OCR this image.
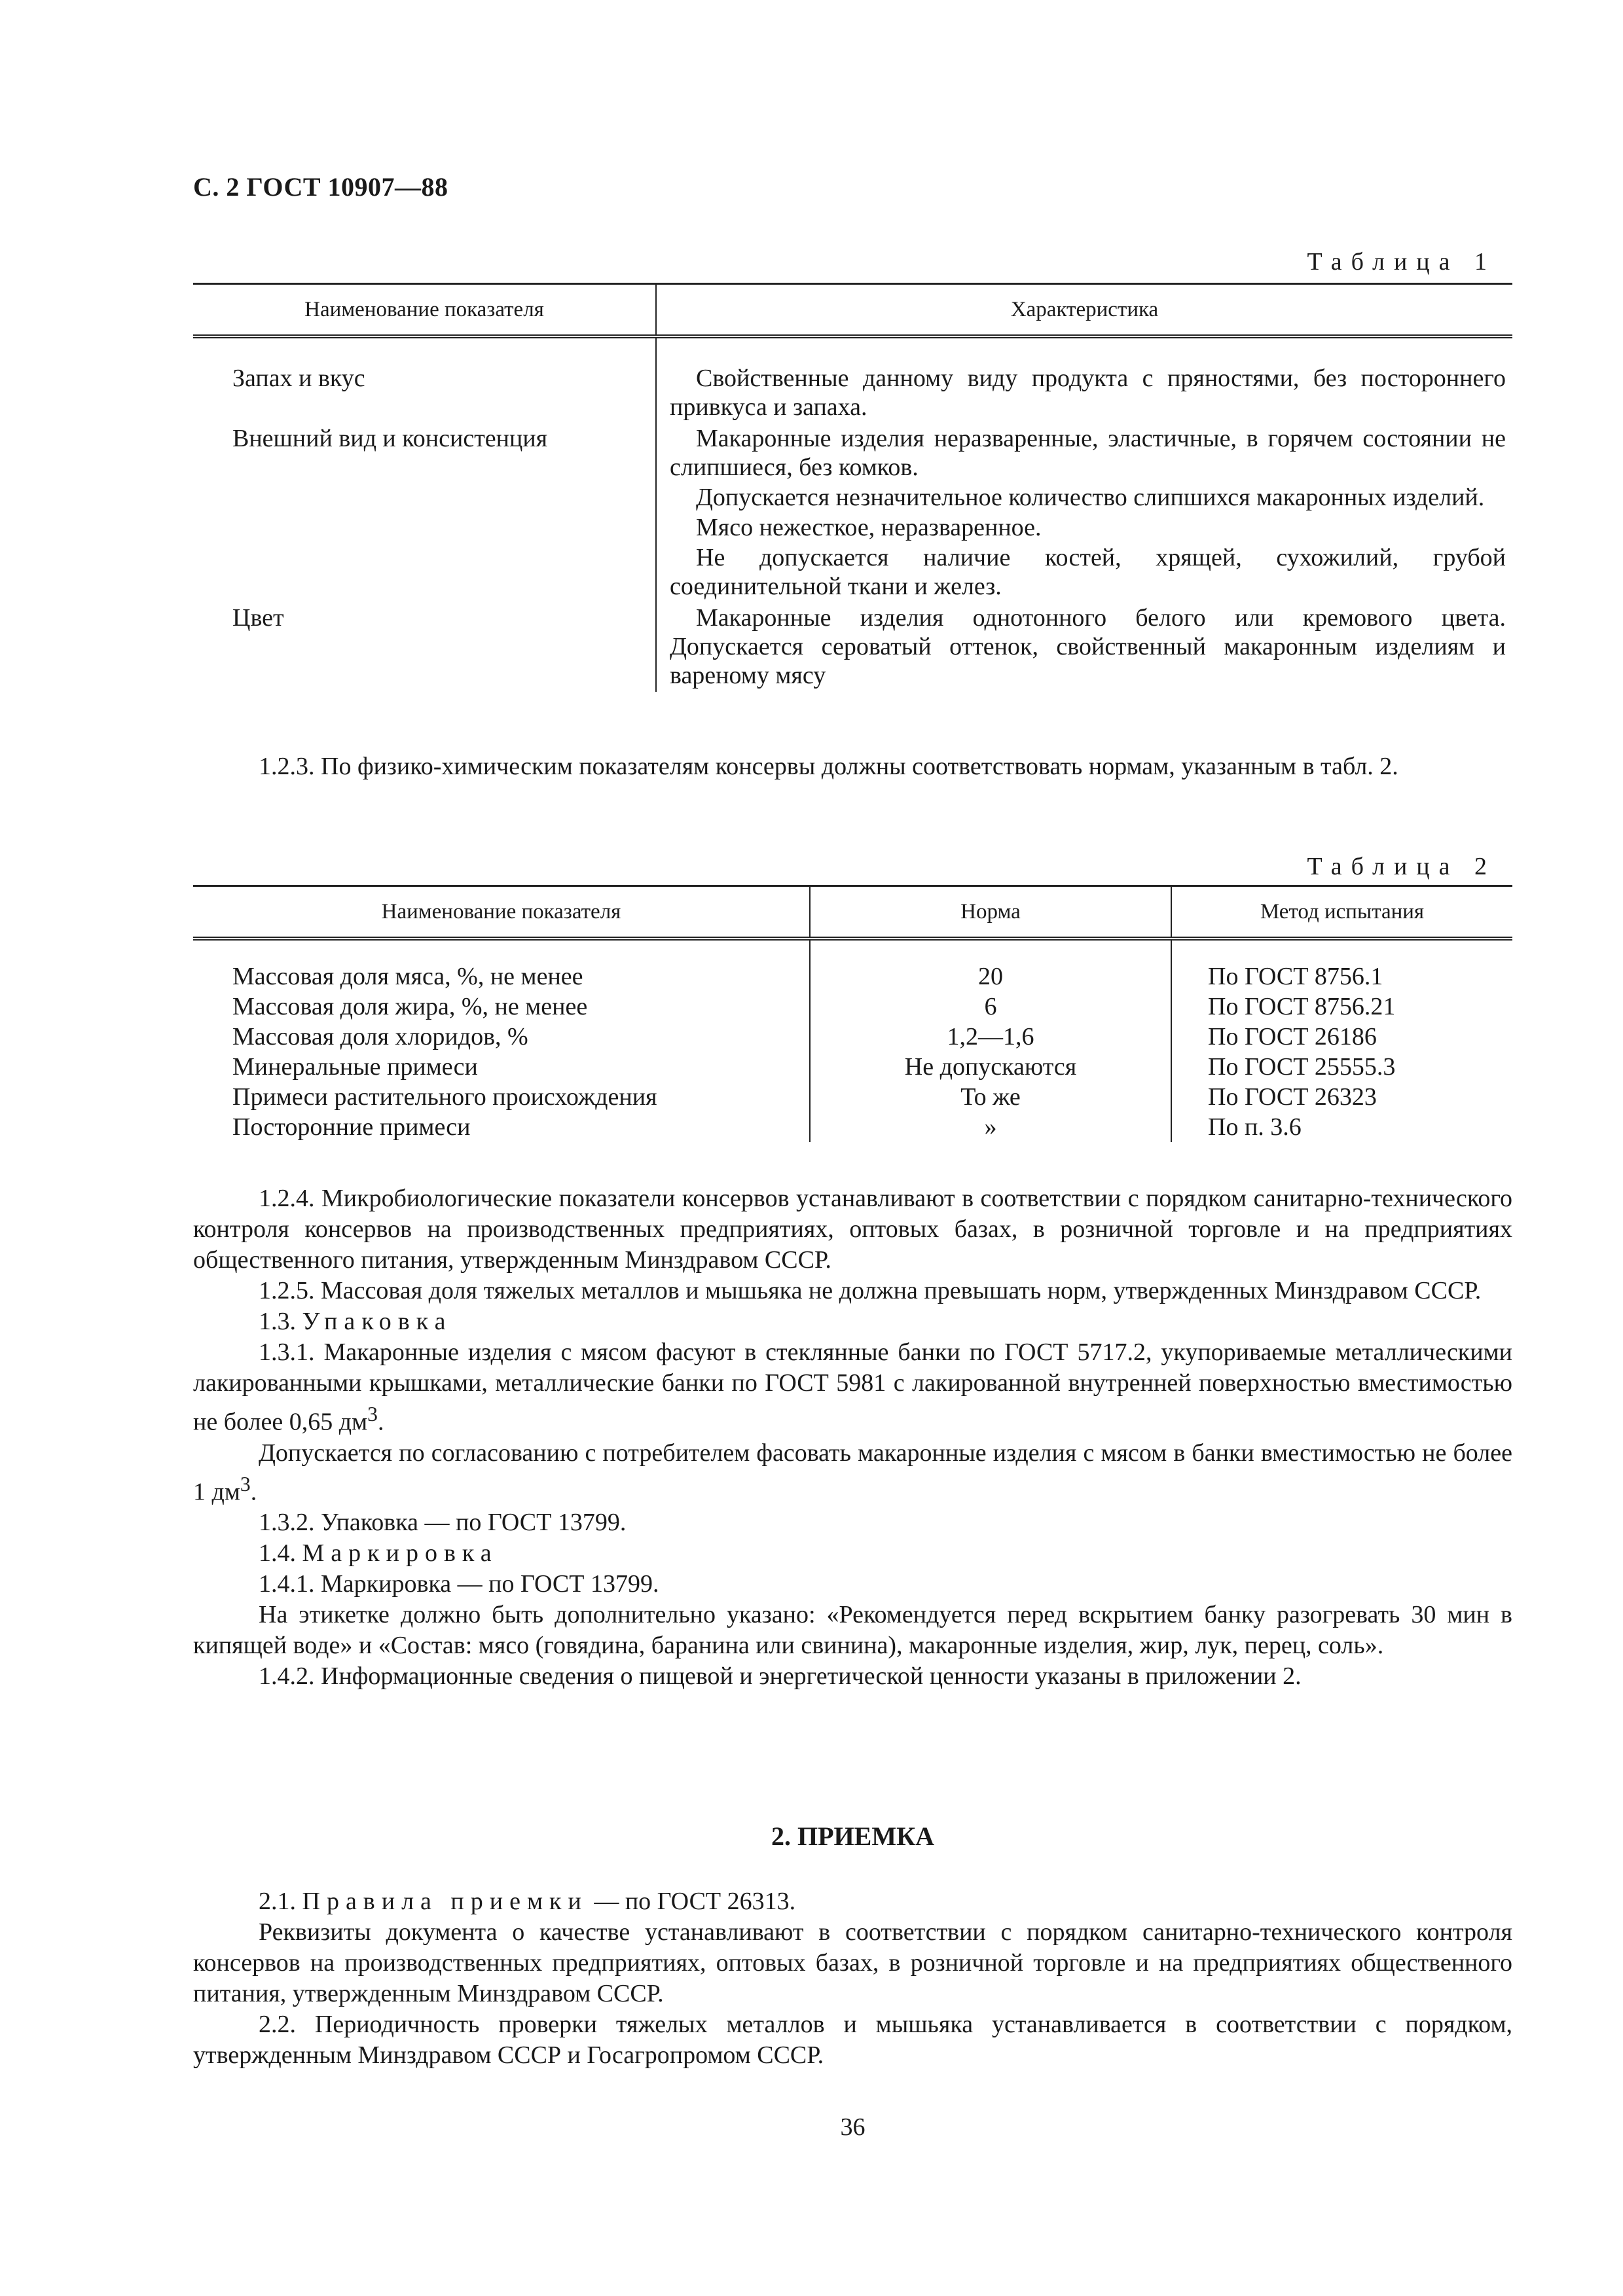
С. 2 ГОСТ 10907—88
Таблица 1
Наименование показателя	Характеристика

Запах и вкус	Свойственные данному виду продукта с пряностями, без постороннего привкуса и запаха.

Внешний вид и консистенция	Макаронные изделия неразваренные, эластичные, в горячем состоянии не слипшиеся, без комков.

Допускается незначительное количество слипшихся макаронных изделий.

Мясо нежесткое, неразваренное.

Не допускается наличие костей, хрящей, сухожилий, грубой соединительной ткани и желез.

Цвет	Макаронные изделия однотонного белого или кремового цвета. Допускается сероватый оттенок, свойственный макаронным изделиям и вареному мясу

1.2.3. По физико-химическим показателям консервы должны соответствовать нормам, указанным в табл. 2.

Таблица 2
Наименование показателя	Норма	Метод испытания

Массовая доля мяса, %, не менее	20	По ГОСТ 8756.1
Массовая доля жира, %, не менее	6	По ГОСТ 8756.21
Массовая доля хлоридов, %	1,2—1,6	По ГОСТ 26186
Минеральные примеси	Не допускаются	По ГОСТ 25555.3
Примеси растительного происхождения	То же	По ГОСТ 26323
Посторонние примеси	»	По п. 3.6

1.2.4. Микробиологические показатели консервов устанавливают в соответствии с порядком санитарно-технического контроля консервов на производственных предприятиях, оптовых базах, в розничной торговле и на предприятиях общественного питания, утвержденным Минздравом СССР.

1.2.5. Массовая доля тяжелых металлов и мышьяка не должна превышать норм, утвержденных Минздравом СССР.

1.3. Упаковка

1.3.1. Макаронные изделия с мясом фасуют в стеклянные банки по ГОСТ 5717.2, укупориваемые металлическими лакированными крышками, металлические банки по ГОСТ 5981 с лакированной внутренней поверхностью вместимостью не более 0,65 $дм^3$.

Допускается по согласованию с потребителем фасовать макаронные изделия с мясом в банки вместимостью не более 1 $дм^3$.

1.3.2. Упаковка — по ГОСТ 13799.

1.4. Маркировка

1.4.1. Маркировка — по ГОСТ 13799.

На этикетке должно быть дополнительно указано: «Рекомендуется перед вскрытием банку разогревать 30 мин в кипящей воде» и «Состав: мясо (говядина, баранина или свинина), макаронные изделия, жир, лук, перец, соль».

1.4.2. Информационные сведения о пищевой и энергетической ценности указаны в приложении 2.

2. ПРИЕМКА

2.1. Правила приемки — по ГОСТ 26313.

Реквизиты документа о качестве устанавливают в соответствии с порядком санитарно-технического контроля консервов на производственных предприятиях, оптовых базах, в розничной торговле и на предприятиях общественного питания, утвержденным Минздравом СССР.

2.2. Периодичность проверки тяжелых металлов и мышьяка устанавливается в соответствии с порядком, утвержденным Минздравом СССР и Госагропромом СССР.

36
